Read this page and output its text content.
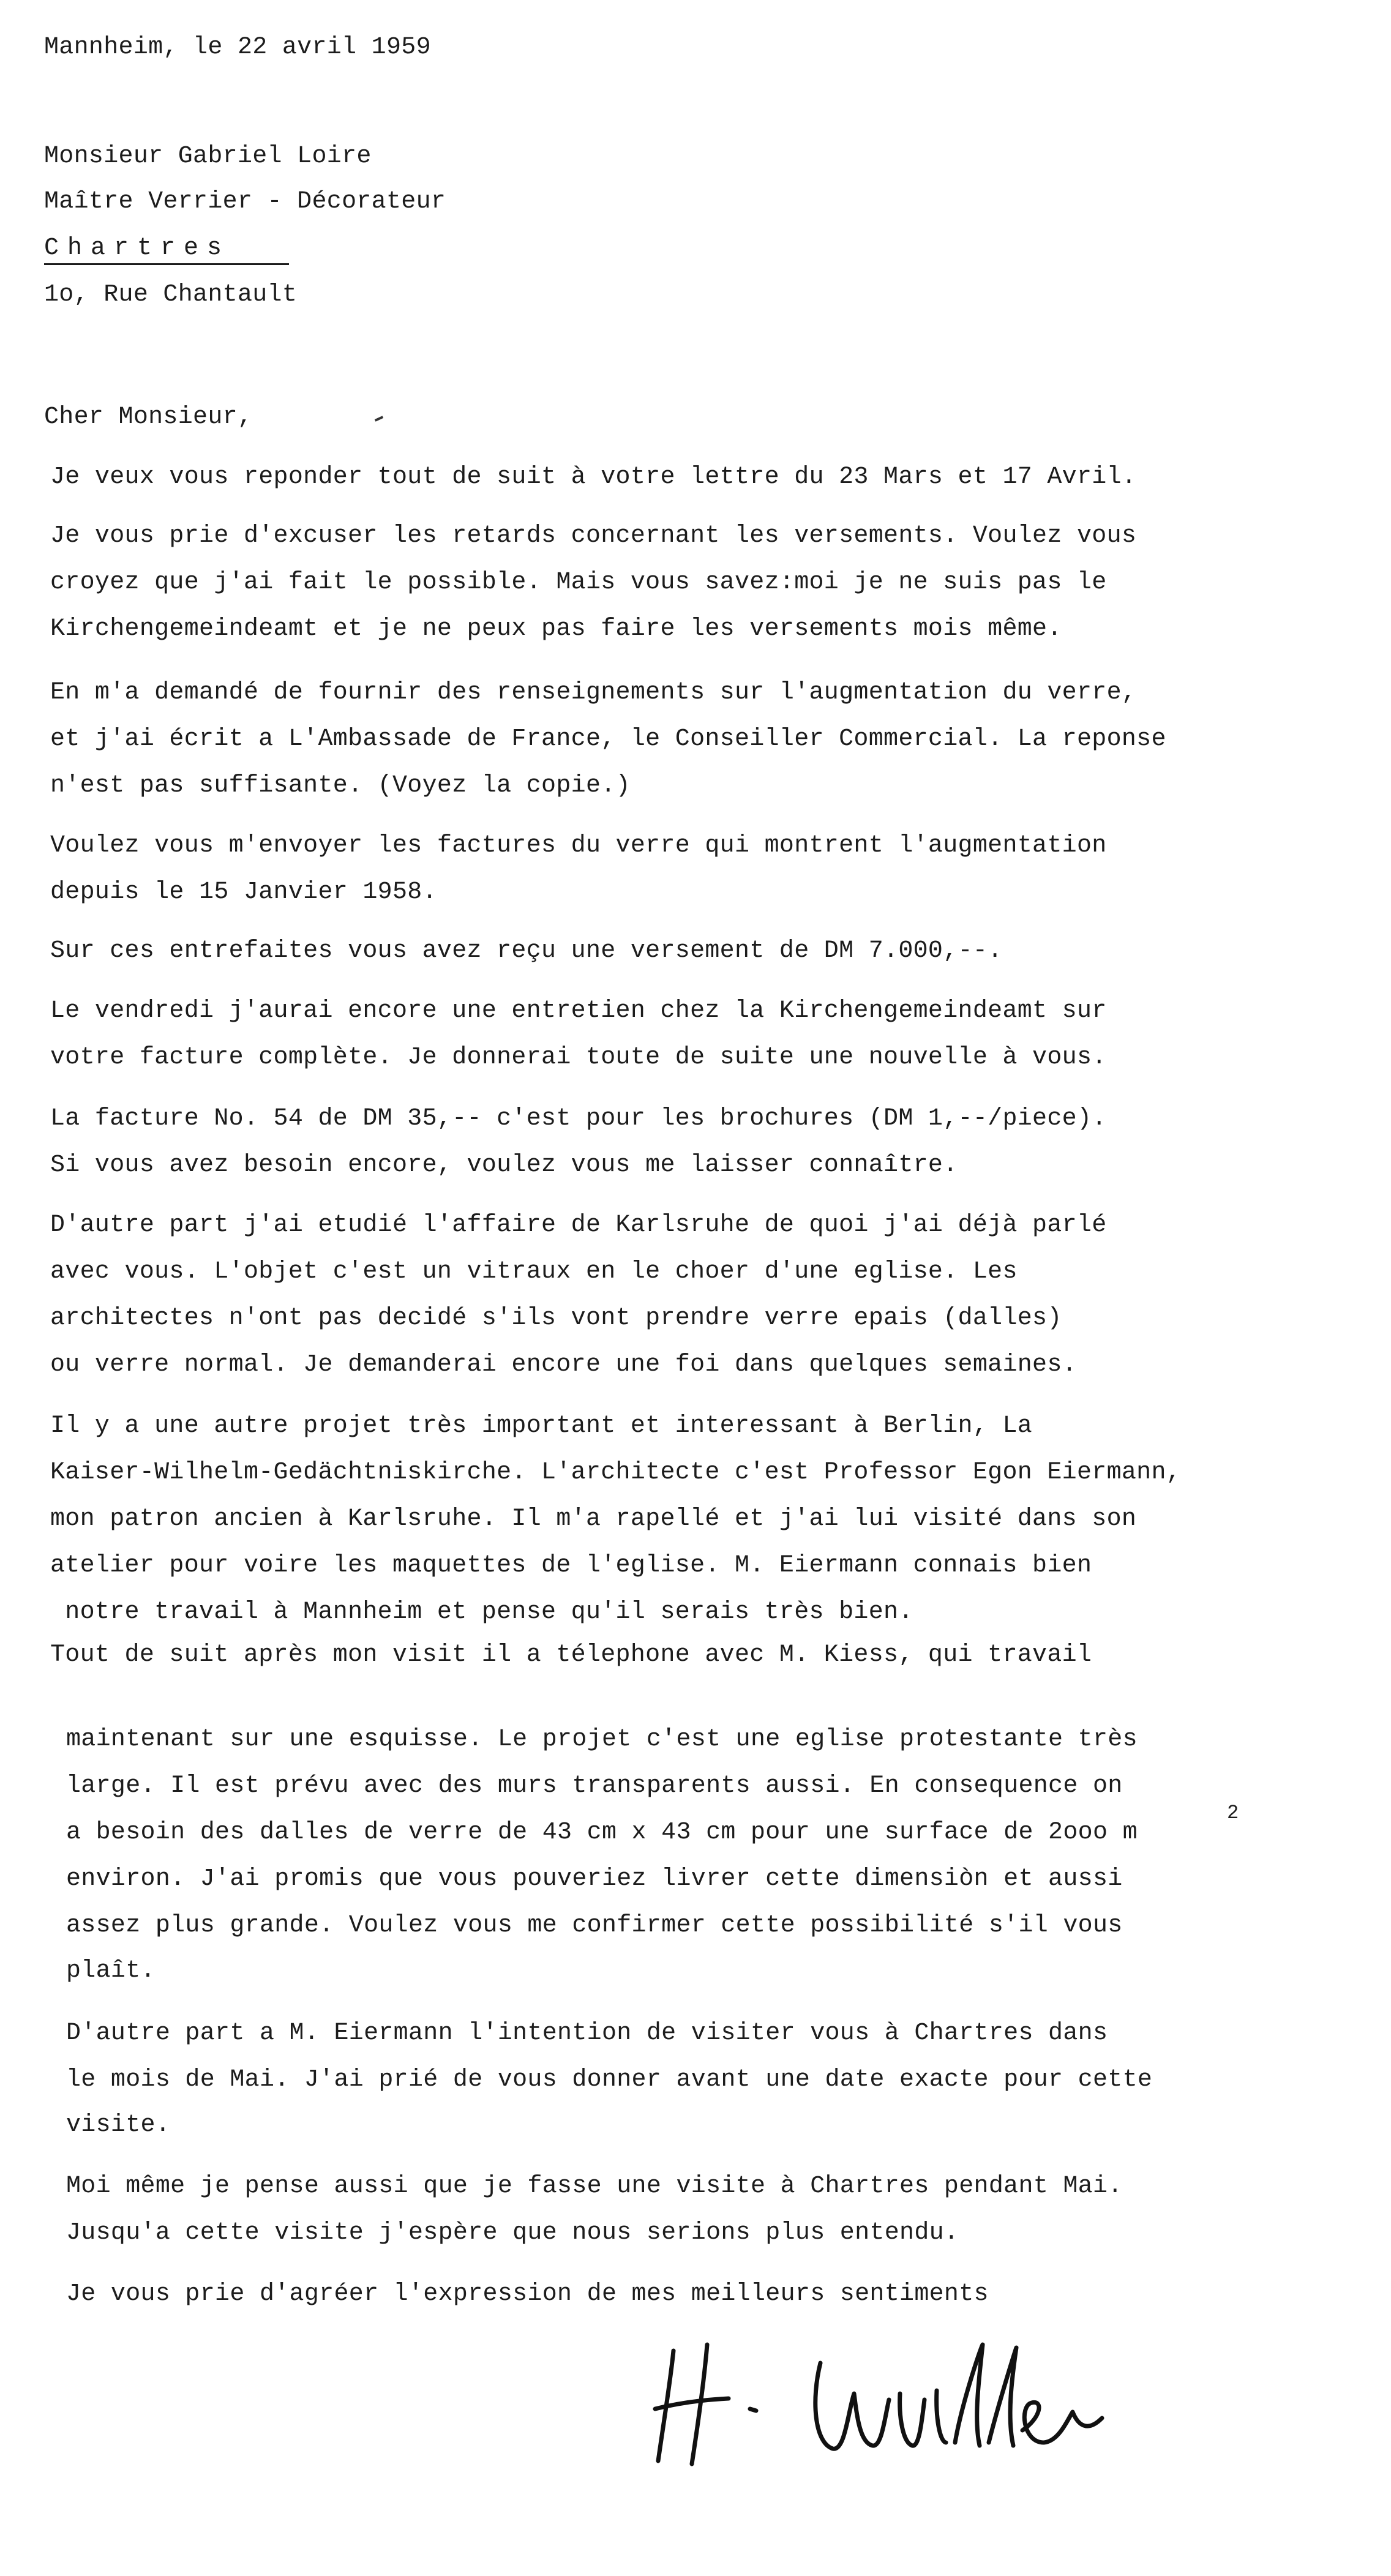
Mannheim, le 22 avril 1959
Monsieur Gabriel Loire
Maître Verrier - Décorateur
Chartres
1o, Rue Chantault
Cher Monsieur,
Je veux vous reponder tout de suit à votre lettre du 23 Mars et 17 Avril.
Je vous prie d'excuser les retards concernant les versements. Voulez vous
croyez que j'ai fait le possible. Mais vous savez:moi je ne suis pas le
Kirchengemeindeamt et je ne peux pas faire les versements mois même.
En m'a demandé de fournir des renseignements sur l'augmentation du verre,
et j'ai écrit a L'Ambassade de France, le Conseiller Commercial. La reponse
n'est pas suffisante. (Voyez la copie.)
Voulez vous m'envoyer les factures du verre qui montrent l'augmentation
depuis le 15 Janvier 1958.
Sur ces entrefaites vous avez reçu une versement de DM 7.000,--.
Le vendredi j'aurai encore une entretien chez la Kirchengemeindeamt sur
votre facture complète. Je donnerai toute de suite une nouvelle à vous.
La facture No. 54 de DM 35,-- c'est pour les brochures (DM 1,--/piece).
Si vous avez besoin encore, voulez vous me laisser connaître.
D'autre part j'ai etudié l'affaire de Karlsruhe de quoi j'ai déjà parlé
avec vous. L'objet c'est un vitraux en le choer d'une eglise. Les
architectes n'ont pas decidé s'ils vont prendre verre epais (dalles)
ou verre normal. Je demanderai encore une foi dans quelques semaines.
Il y a une autre projet très important et interessant à Berlin, La
Kaiser-Wilhelm-Gedächtniskirche. L'architecte c'est Professor Egon Eiermann,
mon patron ancien à Karlsruhe. Il m'a rapellé et j'ai lui visité dans son
atelier pour voire les maquettes de l'eglise. M. Eiermann connais bien
notre travail à Mannheim et pense qu'il serais très bien.
Tout de suit après mon visit il a télephone avec M. Kiess, qui travail
maintenant sur une esquisse. Le projet c'est une eglise protestante très
large. Il est prévu avec des murs transparents aussi. En consequence on
a besoin des dalles de verre de 43 cm x 43 cm pour une surface de 2ooo m
2
environ. J'ai promis que vous pouveriez livrer cette dimensiòn et aussi
assez plus grande. Voulez vous me confirmer cette possibilité s'il vous
plaît.
D'autre part a M. Eiermann l'intention de visiter vous à Chartres dans
le mois de Mai. J'ai prié de vous donner avant une date exacte pour cette
visite.
Moi même je pense aussi que je fasse une visite à Chartres pendant Mai.
Jusqu'a cette visite j'espère que nous serions plus entendu.
Je vous prie d'agréer l'expression de mes meilleurs sentiments
